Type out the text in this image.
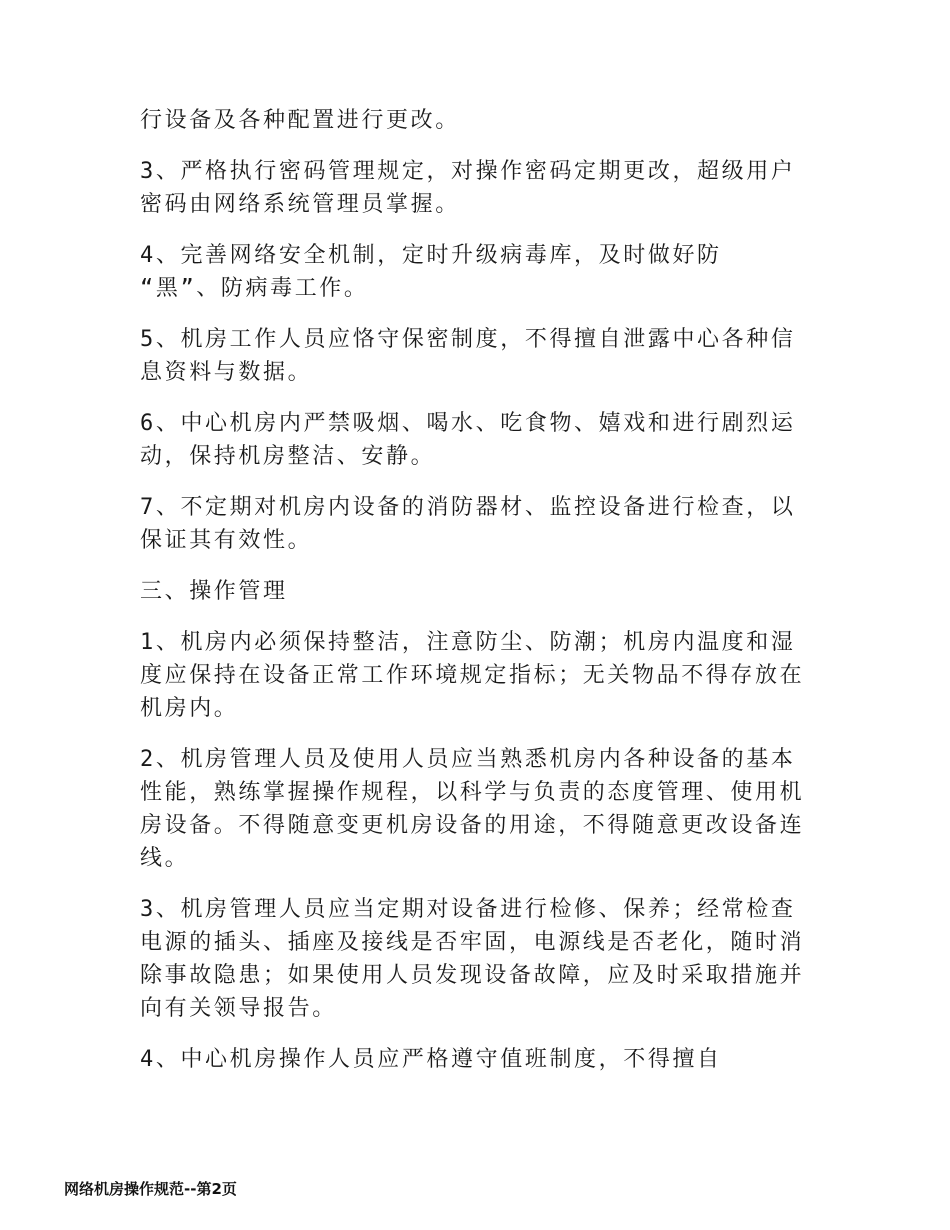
行设备及各种配置进行更改。

3、严格执行密码管理规定，对操作密码定期更改，超级用户
密码由网络系统管理员掌握。

4、完善网络安全机制，定时升级病毒库，及时做好防
“黑”、防病毒工作。

5、机房工作人员应恪守保密制度，不得擅自泄露中心各种信
息资料与数据。

6、中心机房内严禁吸烟、喝水、吃食物、嬉戏和进行剧烈运
动，保持机房整洁、安静。

7、不定期对机房内设备的消防器材、监控设备进行检查，以
保证其有效性。

三、操作管理

1、机房内必须保持整洁，注意防尘、防潮；机房内温度和湿
度应保持在设备正常工作环境规定指标；无关物品不得存放在
机房内。

2、机房管理人员及使用人员应当熟悉机房内各种设备的基本
性能，熟练掌握操作规程，以科学与负责的态度管理、使用机
房设备。不得随意变更机房设备的用途，不得随意更改设备连
线。

3、机房管理人员应当定期对设备进行检修、保养；经常检查
电源的插头、插座及接线是否牢固，电源线是否老化，随时消
除事故隐患；如果使用人员发现设备故障，应及时采取措施并
向有关领导报告。

4、中心机房操作人员应严格遵守值班制度，不得擅自

网络机房操作规范--第2页
